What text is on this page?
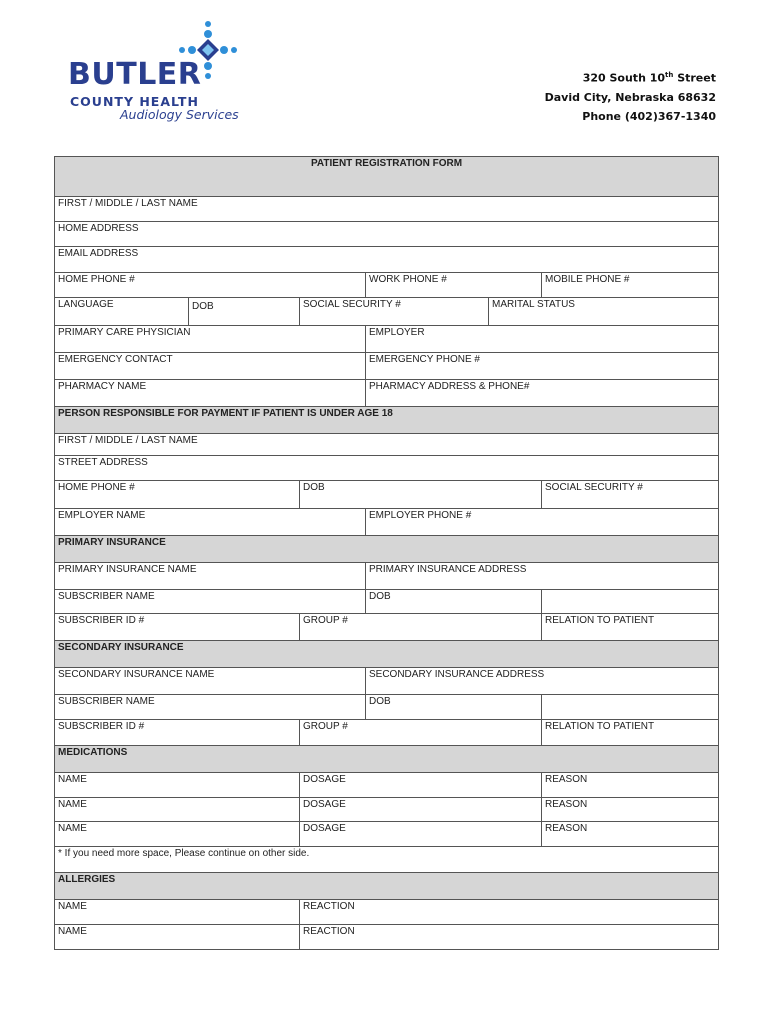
BUTLER
COUNTY HEALTH
Audiology Services
320 South 10th Street
David City, Nebraska 68632
Phone (402)367-1340
PATIENT REGISTRATION FORM					
FIRST / MIDDLE / LAST NAME					
HOME ADDRESS					
EMAIL ADDRESS					
HOME PHONE #			WORK PHONE #		MOBILE PHONE #
LANGUAGE	DOB	SOCIAL SECURITY #		MARITAL STATUS	
PRIMARY CARE PHYSICIAN			EMPLOYER		
EMERGENCY CONTACT			EMERGENCY PHONE #		
PHARMACY NAME			PHARMACY ADDRESS & PHONE#		
PERSON RESPONSIBLE FOR PAYMENT IF PATIENT IS UNDER AGE 18					
FIRST / MIDDLE / LAST NAME					
STREET ADDRESS					
HOME PHONE #		DOB			SOCIAL SECURITY #
EMPLOYER NAME			EMPLOYER PHONE #		
PRIMARY INSURANCE					
PRIMARY INSURANCE NAME			PRIMARY INSURANCE ADDRESS		
SUBSCRIBER NAME			DOB		
SUBSCRIBER ID #		GROUP #			RELATION TO PATIENT
SECONDARY INSURANCE					
SECONDARY INSURANCE NAME			SECONDARY INSURANCE ADDRESS		
SUBSCRIBER NAME			DOB		
SUBSCRIBER ID #		GROUP #			RELATION TO PATIENT
MEDICATIONS					
NAME		DOSAGE			REASON
NAME		DOSAGE			REASON
NAME		DOSAGE			REASON
* If you need more space, Please continue on other side.					
ALLERGIES					
NAME		REACTION			
NAME		REACTION			
